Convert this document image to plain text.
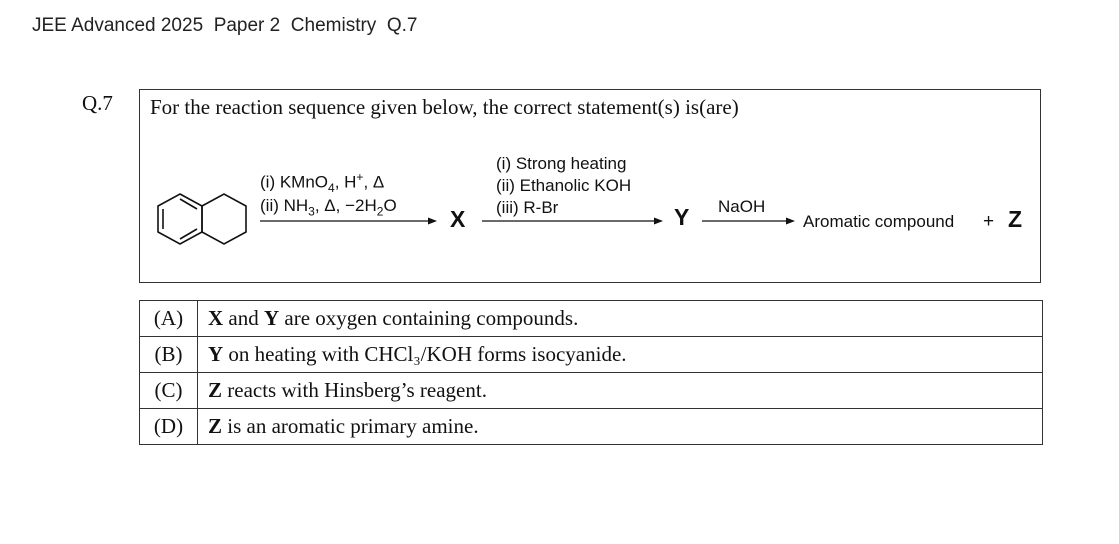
JEE Advanced 2025  Paper 2  Chemistry  Q.7
Q.7 For the reaction sequence given below, the correct statement(s) is(are)
(i) KMnO$_4$, H+, Δ
(ii) $NH_3$, Δ, $-2H_2O$
X
(i) Strong heating
(ii) Ethanolic KOH
(iii) R-Br	Y NaOH
Aromatic compound + Z
(A)	X and Y are oxygen containing compounds.
(B)	Y on heating with CHCl₃/KOH forms isocyanide.
(C)	Z reacts with Hinsberg’s reagent.
(D)	Z is an aromatic primary amine.
